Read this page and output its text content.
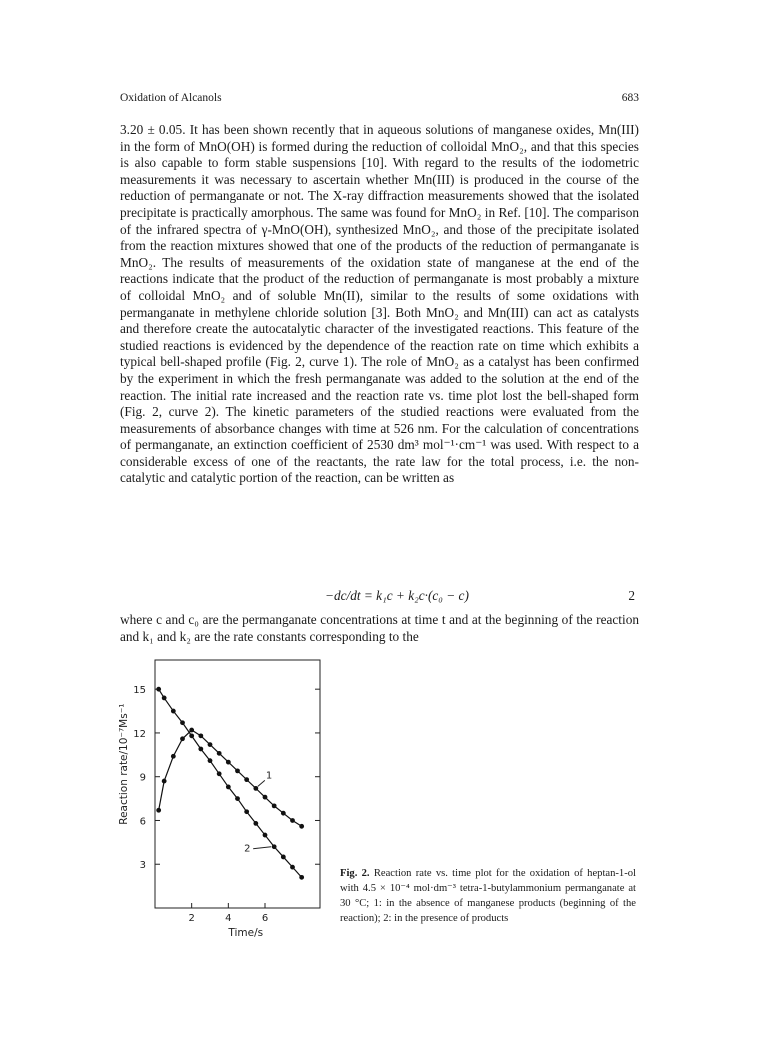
Oxidation of Alcanols	683

3.20 ± 0.05. It has been shown recently that in aqueous solutions of manganese oxides, Mn(III) in the form of MnO(OH) is formed during the reduction of colloidal MnO₂, and that this species is also capable to form stable suspensions [10]. With regard to the results of the iodometric measurements it was necessary to ascertain whether Mn(III) is produced in the course of the reduction of permanganate or not. The X-ray diffraction measurements showed that the isolated precipitate is practically amorphous. The same was found for MnO₂ in Ref. [10]. The comparison of the infrared spectra of γ-MnO(OH), synthesized MnO₂, and those of the precipitate isolated from the reaction mixtures showed that one of the products of the reduction of permanganate is MnO₂. The results of measurements of the oxidation state of manganese at the end of the reactions indicate that the product of the reduction of permanganate is most probably a mixture of colloidal MnO₂ and of soluble Mn(II), similar to the results of some oxidations with permanganate in methylene chloride solution [3]. Both MnO₂ and Mn(III) can act as catalysts and therefore create the autocatalytic character of the investigated reactions. This feature of the studied reactions is evidenced by the dependence of the reaction rate on time which exhibits a typical bell-shaped profile (Fig. 2, curve 1). The role of MnO₂ as a catalyst has been confirmed by the experiment in which the fresh permanganate was added to the solution at the end of the reaction. The initial rate increased and the reaction rate vs. time plot lost the bell-shaped form (Fig. 2, curve 2). The kinetic parameters of the studied reactions were evaluated from the measurements of absorbance changes with time at 526 nm. For the calculation of concentrations of permanganate, an extinction coefficient of 2530 dm³ mol⁻¹·cm⁻¹ was used. With respect to a considerable excess of one of the reactants, the rate law for the total process, i.e. the non-catalytic and catalytic portion of the reaction, can be written as

−dc/dt = k₁c + k₂c·(c₀ − c)	2

where c and c₀ are the permanganate concentrations at time t and at the beginning of the reaction and k₁ and k₂ are the rate constants corresponding to the

3
6
9
12
15
2	4	6
1
2
Time/s
Reaction rate/10⁻⁷Ms⁻¹
Fig. 2. Reaction rate vs. time plot for the oxidation of heptan-1-ol with 4.5 × 10⁻⁴ mol·dm⁻³ tetra-1-butylammonium permanganate at 30 °C; 1: in the absence of manganese products (beginning of the reaction); 2: in the presence of products
